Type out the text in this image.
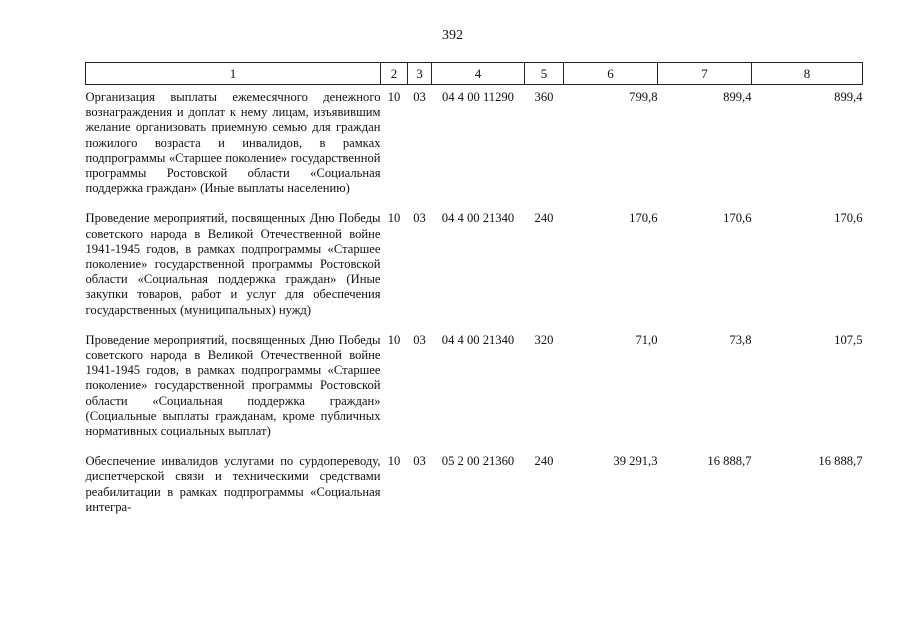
392
1	2	3	4	5	6	7	8
Организация выплаты ежемесячного денежного вознаграждения и доплат к нему лицам, изъявившим желание организовать приемную семью для граждан пожилого возраста и инвалидов, в рамках подпрограммы «Старшее поколение» государственной программы Ростовской области «Социальная поддержка граждан» (Иные выплаты населению)	10	03	04 4 00 11290	360	799,8	899,4	899,4
Проведение мероприятий, посвященных Дню Победы советского народа в Великой Отечественной войне 1941-1945 годов, в рамках подпрограммы «Старшее поколение» государственной программы Ростовской области «Социальная поддержка граждан» (Иные закупки товаров, работ и услуг для обеспечения государственных (муниципальных) нужд)	10	03	04 4 00 21340	240	170,6	170,6	170,6
Проведение мероприятий, посвященных Дню Победы советского народа в Великой Отечественной войне 1941-1945 годов, в рамках подпрограммы «Старшее поколение» государственной программы Ростовской области «Социальная поддержка граждан» (Социальные выплаты гражданам, кроме публичных нормативных социальных выплат)	10	03	04 4 00 21340	320	71,0	73,8	107,5
Обеспечение инвалидов услугами по сурдопереводу, диспетчерской связи и техническими средствами реабилитации в рамках подпрограммы «Социальная интегра-	10	03	05 2 00 21360	240	39 291,3	16 888,7	16 888,7
